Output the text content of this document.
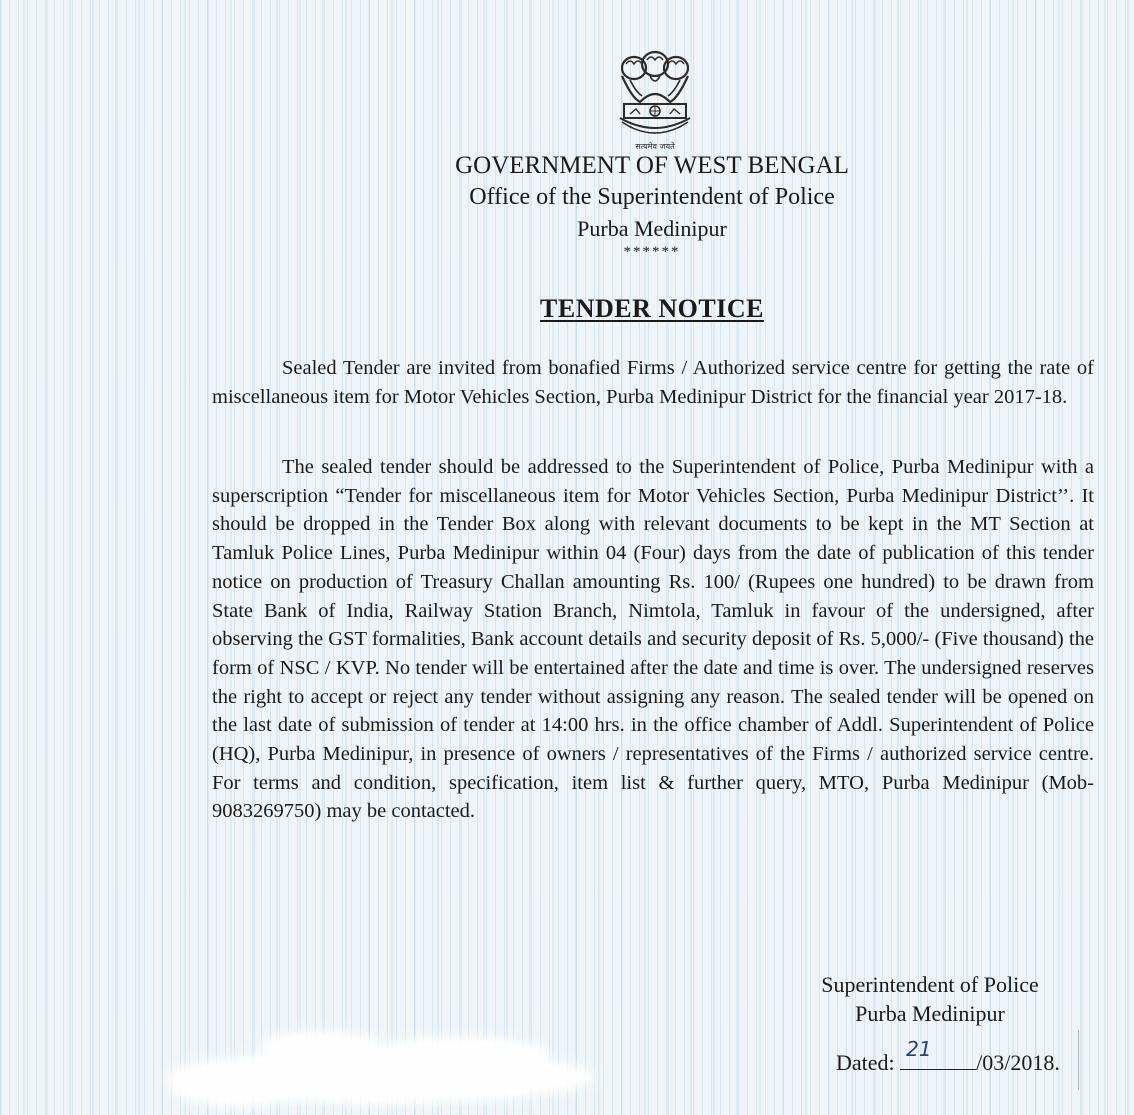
सत्यमेव जयते
GOVERNMENT OF WEST BENGAL
Office of the Superintendent of Police
Purba Medinipur
******
TENDER NOTICE

Sealed Tender are invited from bonafied Firms / Authorized service centre for getting the rate of miscellaneous item for Motor Vehicles Section, Purba Medinipur District for the financial year 2017-18.

The sealed tender should be addressed to the Superintendent of Police, Purba Medinipur with a superscription “Tender for miscellaneous item for Motor Vehicles Section, Purba Medinipur District’’. It should be dropped in the Tender Box along with relevant documents to be kept in the MT Section at Tamluk Police Lines, Purba Medinipur within 04 (Four) days from the date of publication of this tender notice on production of Treasury Challan amounting Rs. 100/ (Rupees one hundred) to be drawn from State Bank of India, Railway Station Branch, Nimtola, Tamluk in favour of the undersigned, after observing the GST formalities, Bank account details and security deposit of Rs. 5,000/- (Five thousand) the form of NSC / KVP. No tender will be entertained after the date and time is over. The undersigned reserves the right to accept or reject any tender without assigning any reason. The sealed tender will be opened on the last date of submission of tender at 14:00 hrs. in the office chamber of Addl. Superintendent of Police (HQ), Purba Medinipur, in presence of owners / representatives of the Firms / authorized service centre. For terms and condition, specification, item list & further query, MTO, Purba Medinipur (Mob-9083269750) may be contacted.

Superintendent of Police
Purba Medinipur
Dated:
21
/03/2018.
